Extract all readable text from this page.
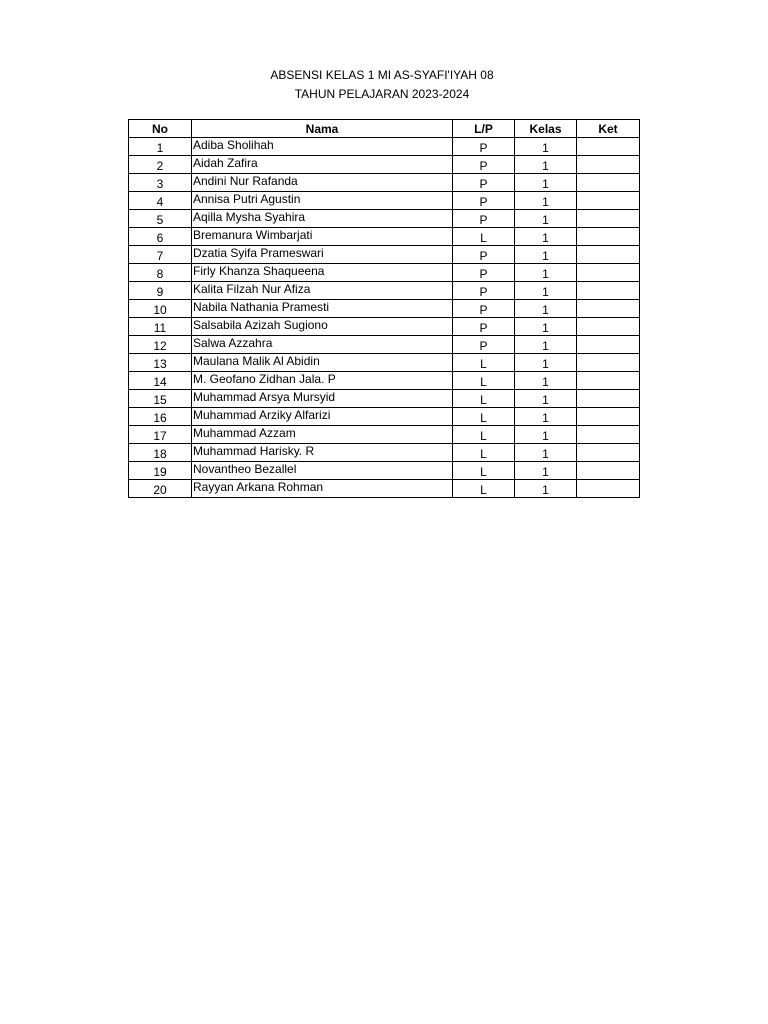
ABSENSI KELAS 1 MI AS-SYAFI'IYAH 08
TAHUN PELAJARAN 2023-2024
No	Nama	L/P	Kelas	Ket
1	Adiba Sholihah	P	1	
2	Aidah Zafira	P	1	
3	Andini Nur Rafanda	P	1	
4	Annisa Putri Agustin	P	1	
5	Aqilla Mysha Syahira	P	1	
6	Bremanura Wimbarjati	L	1	
7	Dzatia Syifa Prameswari	P	1	
8	Firly Khanza Shaqueena	P	1	
9	Kalita Filzah Nur Afiza	P	1	
10	Nabila Nathania Pramesti	P	1	
11	Salsabila Azizah Sugiono	P	1	
12	Salwa Azzahra	P	1	
13	Maulana Malik Al Abidin	L	1	
14	M. Geofano Zidhan Jala. P	L	1	
15	Muhammad Arsya Mursyid	L	1	
16	Muhammad Arziky Alfarizi	L	1	
17	Muhammad Azzam	L	1	
18	Muhammad Harisky. R	L	1	
19	Novantheo Bezallel	L	1	
20	Rayyan Arkana Rohman	L	1	
